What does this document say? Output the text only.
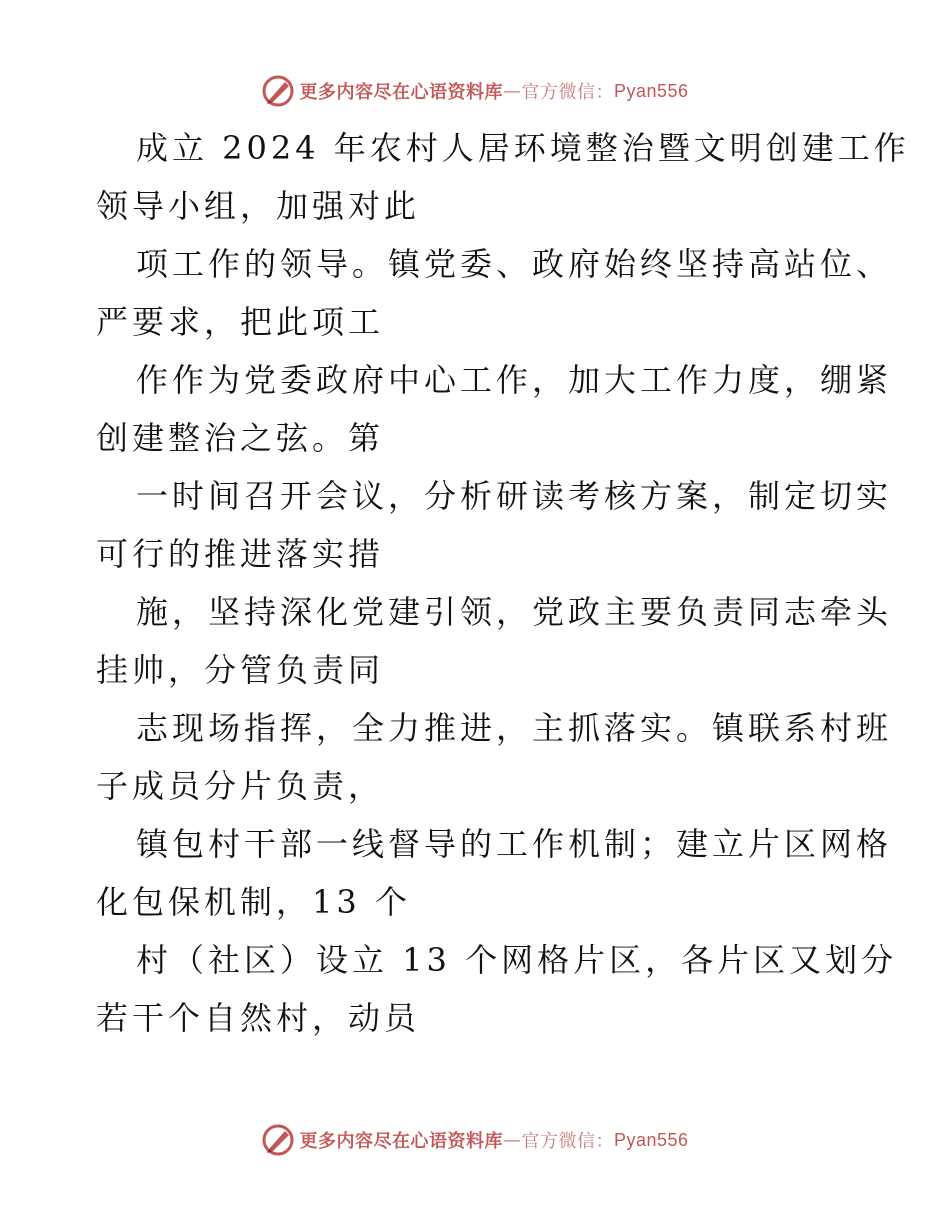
更多内容尽在心语资料库 — 官方微信： Pyan556
成立 2024 年农村人居环境整治暨文明创建工作
领导小组，加强对此
项工作的领导。镇党委、政府始终坚持高站位、
严要求，把此项工
作作为党委政府中心工作，加大工作力度，绷紧
创建整治之弦。第
一时间召开会议，分析研读考核方案，制定切实
可行的推进落实措
施，坚持深化党建引领，党政主要负责同志牵头
挂帅，分管负责同
志现场指挥，全力推进，主抓落实。镇联系村班
子成员分片负责，
镇包村干部一线督导的工作机制；建立片区网格
化包保机制，13 个
村（社区）设立 13 个网格片区，各片区又划分
若干个自然村，动员
更多内容尽在心语资料库 — 官方微信： Pyan556
